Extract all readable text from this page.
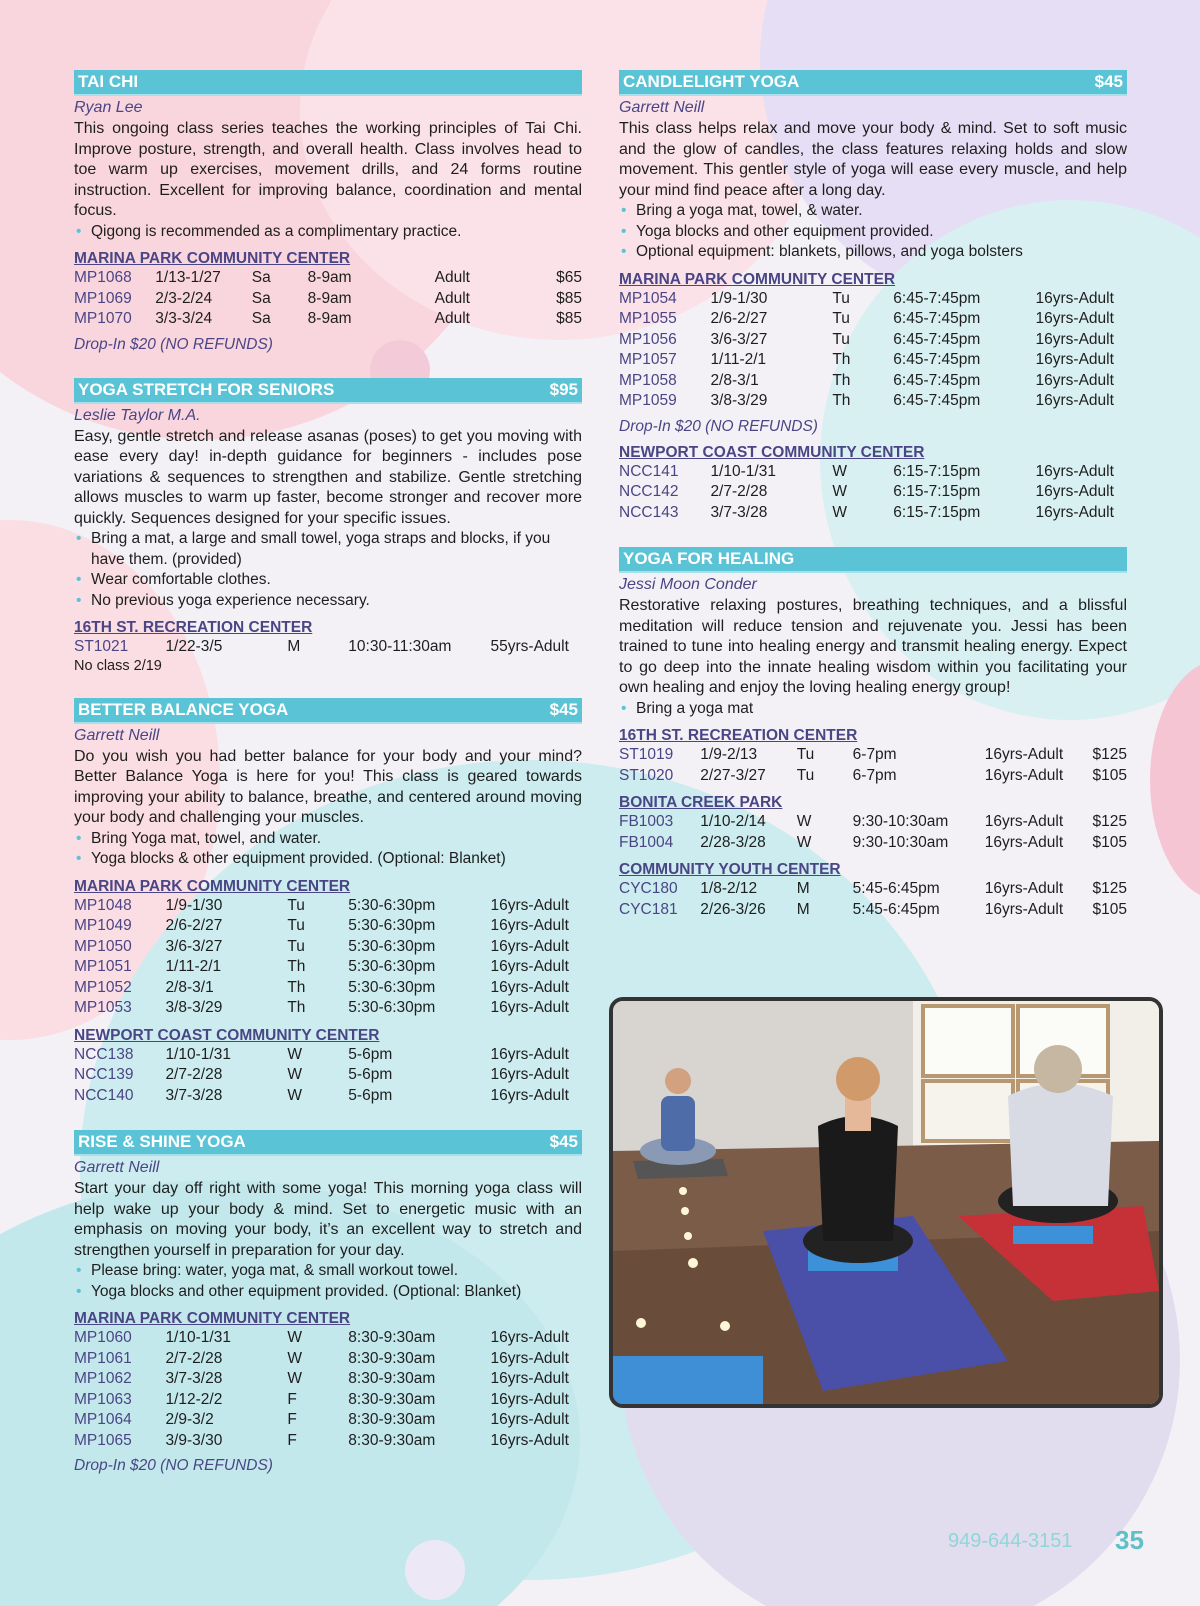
TAI CHI
Ryan Lee

This ongoing class series teaches the working principles of Tai Chi. Improve posture, strength, and overall health. Class involves head to toe warm up exercises, movement drills, and 24 forms routine instruction. Excellent for improving balance, coordination and mental focus.

• Qigong is recommended as a complimentary practice.
MARINA PARK COMMUNITY CENTER
MP1068	1/13-1/27	Sa	8-9am	Adult	$65
MP1069	2/3-2/24	Sa	8-9am	Adult	$85
MP1070	3/3-3/24	Sa	8-9am	Adult	$85
Drop-In $20 (NO REFUNDS)
YOGA STRETCH FOR SENIORS	$95
Leslie Taylor M.A.

Easy, gentle stretch and release asanas (poses) to get you moving with ease every day! in-depth guidance for beginners - includes pose variations & sequences to strengthen and stabilize. Gentle stretching allows muscles to warm up faster, become stronger and recover more quickly. Sequences designed for your specific issues.

• Bring a mat, a large and small towel, yoga straps and blocks, if you have them. (provided)
• Wear comfortable clothes.
• No previous yoga experience necessary.
16TH ST. RECREATION CENTER
ST1021	1/22-3/5	M	10:30-11:30am	55yrs-Adult
No class 2/19
BETTER BALANCE YOGA	$45
Garrett Neill

Do you wish you had better balance for your body and your mind? Better Balance Yoga is here for you! This class is geared towards improving your ability to balance, breathe, and centered around moving your body and challenging your muscles.

• Bring Yoga mat, towel, and water.
• Yoga blocks & other equipment provided. (Optional: Blanket)
MARINA PARK COMMUNITY CENTER
MP1048	1/9-1/30	Tu	5:30-6:30pm	16yrs-Adult
MP1049	2/6-2/27	Tu	5:30-6:30pm	16yrs-Adult
MP1050	3/6-3/27	Tu	5:30-6:30pm	16yrs-Adult
MP1051	1/11-2/1	Th	5:30-6:30pm	16yrs-Adult
MP1052	2/8-3/1	Th	5:30-6:30pm	16yrs-Adult
MP1053	3/8-3/29	Th	5:30-6:30pm	16yrs-Adult
NEWPORT COAST COMMUNITY CENTER
NCC138	1/10-1/31	W	5-6pm	16yrs-Adult
NCC139	2/7-2/28	W	5-6pm	16yrs-Adult
NCC140	3/7-3/28	W	5-6pm	16yrs-Adult
RISE & SHINE YOGA	$45
Garrett Neill

Start your day off right with some yoga! This morning yoga class will help wake up your body & mind. Set to energetic music with an emphasis on moving your body, it’s an excellent way to stretch and strengthen yourself in preparation for your day.

• Please bring: water, yoga mat, & small workout towel.
• Yoga blocks and other equipment provided. (Optional: Blanket)
MARINA PARK COMMUNITY CENTER
MP1060	1/10-1/31	W	8:30-9:30am	16yrs-Adult
MP1061	2/7-2/28	W	8:30-9:30am	16yrs-Adult
MP1062	3/7-3/28	W	8:30-9:30am	16yrs-Adult
MP1063	1/12-2/2	F	8:30-9:30am	16yrs-Adult
MP1064	2/9-3/2	F	8:30-9:30am	16yrs-Adult
MP1065	3/9-3/30	F	8:30-9:30am	16yrs-Adult
Drop-In $20 (NO REFUNDS)
CANDLELIGHT YOGA	$45
Garrett Neill

This class helps relax and move your body & mind. Set to soft music and the glow of candles, the class features relaxing holds and slow movement. This gentler style of yoga will ease every muscle, and help your mind find peace after a long day.

• Bring a yoga mat, towel, & water.
• Yoga blocks and other equipment provided.
• Optional equipment: blankets, pillows, and yoga bolsters
MARINA PARK COMMUNITY CENTER
MP1054	1/9-1/30	Tu	6:45-7:45pm	16yrs-Adult
MP1055	2/6-2/27	Tu	6:45-7:45pm	16yrs-Adult
MP1056	3/6-3/27	Tu	6:45-7:45pm	16yrs-Adult
MP1057	1/11-2/1	Th	6:45-7:45pm	16yrs-Adult
MP1058	2/8-3/1	Th	6:45-7:45pm	16yrs-Adult
MP1059	3/8-3/29	Th	6:45-7:45pm	16yrs-Adult
Drop-In $20 (NO REFUNDS)
NEWPORT COAST COMMUNITY CENTER
NCC141	1/10-1/31	W	6:15-7:15pm	16yrs-Adult
NCC142	2/7-2/28	W	6:15-7:15pm	16yrs-Adult
NCC143	3/7-3/28	W	6:15-7:15pm	16yrs-Adult
YOGA FOR HEALING
Jessi Moon Conder

Restorative relaxing postures, breathing techniques, and a blissful meditation will reduce tension and rejuvenate you. Jessi has been trained to tune into healing energy and transmit healing energy. Expect to go deep into the innate healing wisdom within you facilitating your own healing and enjoy the loving healing energy group!

• Bring a yoga mat
16TH ST. RECREATION CENTER
ST1019	1/9-2/13	Tu	6-7pm	16yrs-Adult	$125
ST1020	2/27-3/27	Tu	6-7pm	16yrs-Adult	$105
BONITA CREEK PARK
FB1003	1/10-2/14	W	9:30-10:30am	16yrs-Adult	$125
FB1004	2/28-3/28	W	9:30-10:30am	16yrs-Adult	$105
COMMUNITY YOUTH CENTER
CYC180	1/8-2/12	M	5:45-6:45pm	16yrs-Adult	$125
CYC181	2/26-3/26	M	5:45-6:45pm	16yrs-Adult	$105
949-644-3151 35
